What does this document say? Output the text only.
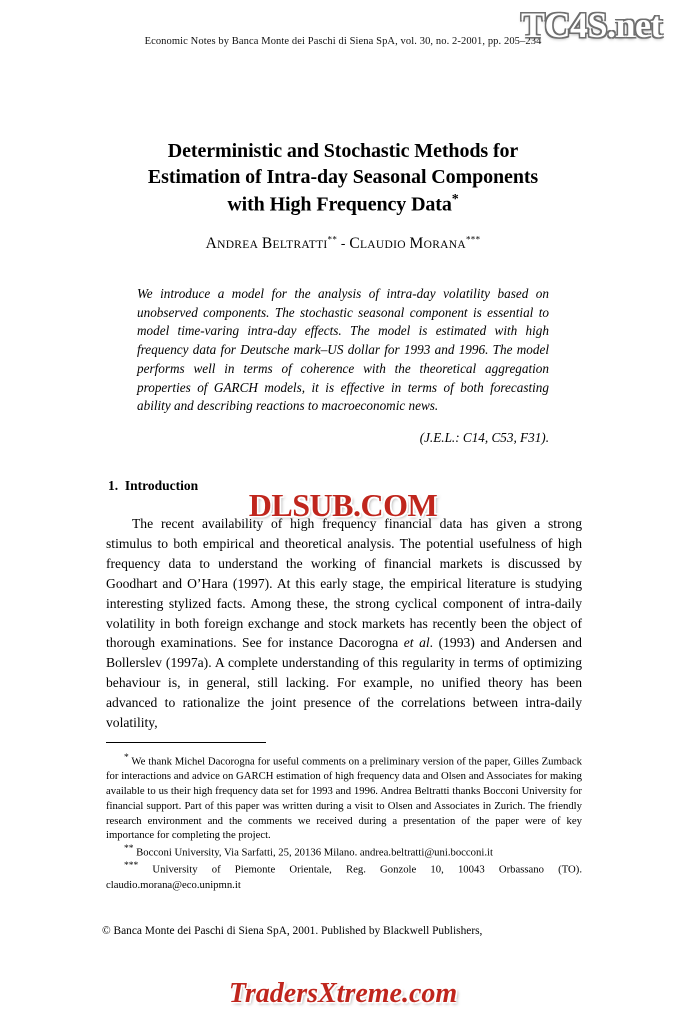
Economic Notes by Banca Monte dei Paschi di Siena SpA, vol. 30, no. 2-2001, pp. 205–234
Deterministic and Stochastic Methods for
Estimation of Intra-day Seasonal Components
with High Frequency Data*
ANDREA BELTRATTI** - CLAUDIO MORANA***
We introduce a model for the analysis of intra-day volatility based on unobserved components. The stochastic seasonal component is essential to model time-varing intra-day effects. The model is estimated with high frequency data for Deutsche mark–US dollar for 1993 and 1996. The model performs well in terms of coherence with the theoretical aggregation properties of GARCH models, it is effective in terms of both forecasting ability and describing reactions to macroeconomic news.
(J.E.L.: C14, C53, F31).
1. Introduction
The recent availability of high frequency financial data has given a strong stimulus to both empirical and theoretical analysis. The potential usefulness of high frequency data to understand the working of financial markets is discussed by Goodhart and O’Hara (1997). At this early stage, the empirical literature is studying interesting stylized facts. Among these, the strong cyclical component of intra-daily volatility in both foreign exchange and stock markets has recently been the object of thorough examinations. See for instance Dacorogna et al. (1993) and Andersen and Bollerslev (1997a). A complete understanding of this regularity in terms of optimizing behaviour is, in general, still lacking. For example, no unified theory has been advanced to rationalize the joint presence of the correlations between intra-daily volatility,

* We thank Michel Dacorogna for useful comments on a preliminary version of the paper, Gilles Zumback for interactions and advice on GARCH estimation of high frequency data and Olsen and Associates for making available to us their high frequency data set for 1993 and 1996. Andrea Beltratti thanks Bocconi University for financial support. Part of this paper was written during a visit to Olsen and Associates in Zurich. The friendly research environment and the comments we received during a presentation of the paper were of key importance for completing the project.

** Bocconi University, Via Sarfatti, 25, 20136 Milano. andrea.beltratti@uni.bocconi.it

*** University of Piemonte Orientale, Reg. Gonzole 10, 10043 Orbassano (TO). claudio.morana@eco.unipmn.it

© Banca Monte dei Paschi di Siena SpA, 2001. Published by Blackwell Publishers,
TC4S.net
DLSUB.COM
TradersXtreme.com
